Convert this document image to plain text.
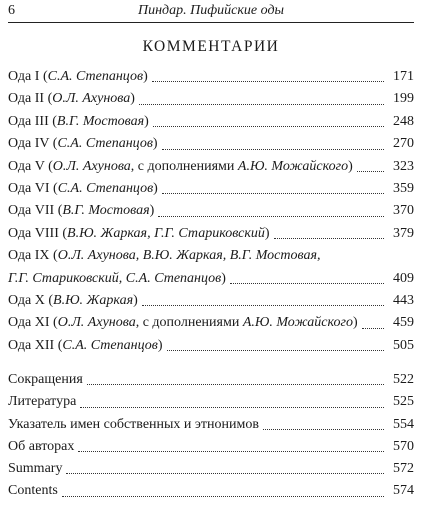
6	Пиндар. Пифийские оды
КОММЕНТАРИИ
Ода I (С.А. Степанцов)	171
Ода II (О.Л. Ахунова)	199
Ода III (В.Г. Мостовая)	248
Ода IV (С.А. Степанцов)	270
Ода V (О.Л. Ахунова, с дополнениями А.Ю. Можайского)	323
Ода VI (С.А. Степанцов)	359
Ода VII (В.Г. Мостовая)	370
Ода VIII (В.Ю. Жаркая, Г.Г. Стариковский)	379
Ода IX (О.Л. Ахунова, В.Ю. Жаркая, В.Г. Мостовая,
Г.Г. Стариковский, С.А. Степанцов)	409
Ода X (В.Ю. Жаркая)	443
Ода XI (О.Л. Ахунова, с дополнениями А.Ю. Можайского)	459
Ода XII (С.А. Степанцов)	505
Сокращения	522
Литература	525
Указатель имен собственных и этнонимов	554
Об авторах	570
Summary	572
Contents	574
